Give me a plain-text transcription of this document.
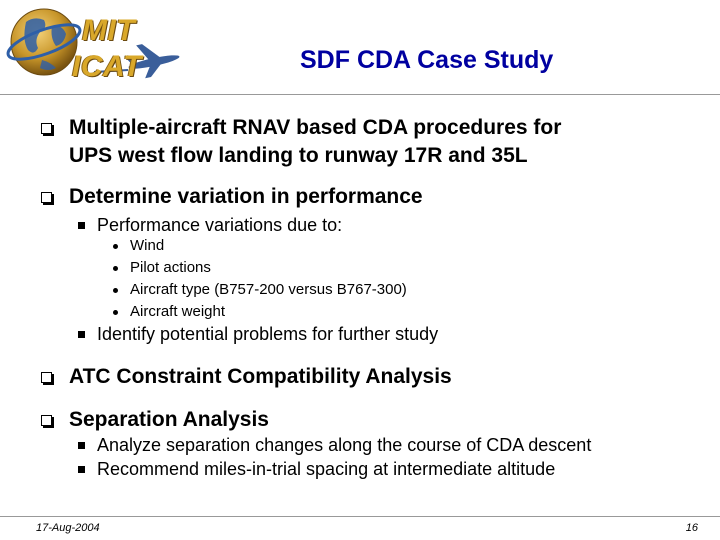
MIT
ICAT	SDF CDA Case Study
Multiple-aircraft RNAV based CDA procedures for
UPS west flow landing to runway 17R and 35L
Determine variation in performance
Performance variations due to:
Wind
Pilot actions
Aircraft type (B757-200 versus B767-300)
Aircraft weight
Identify potential problems for further study
ATC Constraint Compatibility Analysis
Separation Analysis
Analyze separation changes along the course of CDA descent
Recommend miles-in-trial spacing at intermediate altitude
17-Aug-2004	16
